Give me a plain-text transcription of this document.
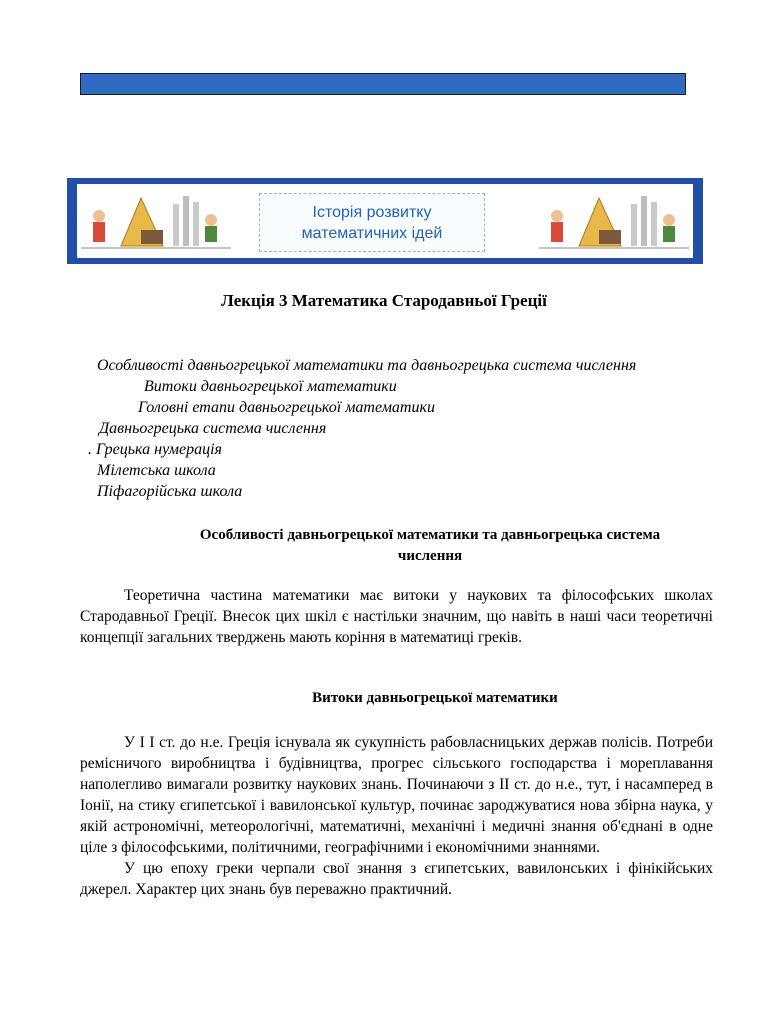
Історія розвитку
математичних ідей
Лекція 3 Математика Стародавньої Греції
Особливості давньогрецької математики та давньогрецька система числення
Витоки давньогрецької математики
Головні етапи давньогрецької математики
Давньогрецька система числення
. Грецька нумерація
Мілетська школа
Піфагорійська школа
Особливості давньогрецької математики та давньогрецька система
числення
Теоретична частина математики має витоки у наукових та філософських школах Стародавньої Греції. Внесок цих шкіл є настільки значним, що навіть в наші часи теоретичні концепції загальних тверджень мають коріння в математиці греків.
Витоки давньогрецької математики
У I I ст. до н.е. Греція існувала як сукупність рабовласницьких держав полісів. Потреби ремісничого виробництва і будівництва, прогрес сільського господарства і мореплавання наполегливо вимагали розвитку наукових знань. Починаючи з II ст. до н.е., тут, і насамперед в Іонії, на стику єгипетської і вавилонської культур, починає зароджуватися нова збірна наука, у якій астрономічні, метеорологічні, математичні, механічні і медичні знання об'єднані в одне ціле з філософськими, політичними, географічними і економічними знаннями.
У цю епоху греки черпали свої знання з єгипетських, вавилонських і фінікійських джерел. Характер цих знань був переважно практичний.
